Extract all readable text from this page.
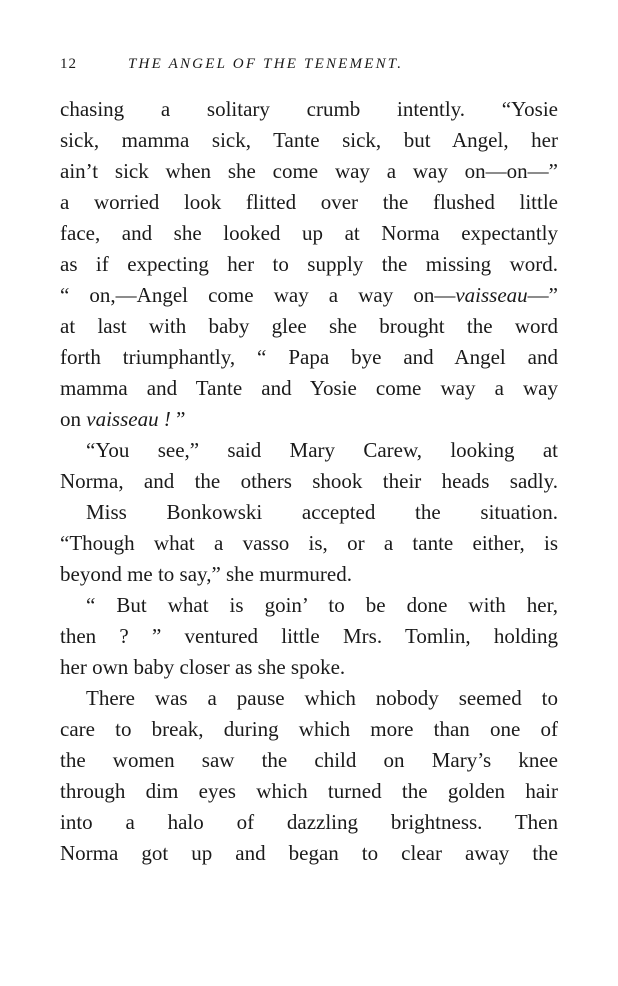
12	THE ANGEL OF THE TENEMENT.
chasing a solitary crumb intently. “Yosie
sick, mamma sick, Tante sick, but Angel, her
ain’t sick when she come way a way on—on—”
a worried look flitted over the flushed little
face, and she looked up at Norma expectantly
as if expecting her to supply the missing word.
“ on,—Angel come way a way on—vaisseau—”
at last with baby glee she brought the word
forth triumphantly, “ Papa bye and Angel and
mamma and Tante and Yosie come way a way
on vaisseau ! ”
“You see,” said Mary Carew, looking at
Norma, and the others shook their heads sadly.
Miss Bonkowski accepted the situation.
“Though what a vasso is, or a tante either, is
beyond me to say,” she murmured.
“ But what is goin’ to be done with her,
then ? ” ventured little Mrs. Tomlin, holding
her own baby closer as she spoke.
There was a pause which nobody seemed to
care to break, during which more than one of
the women saw the child on Mary’s knee
through dim eyes which turned the golden hair
into a halo of dazzling brightness. Then
Norma got up and began to clear away the
